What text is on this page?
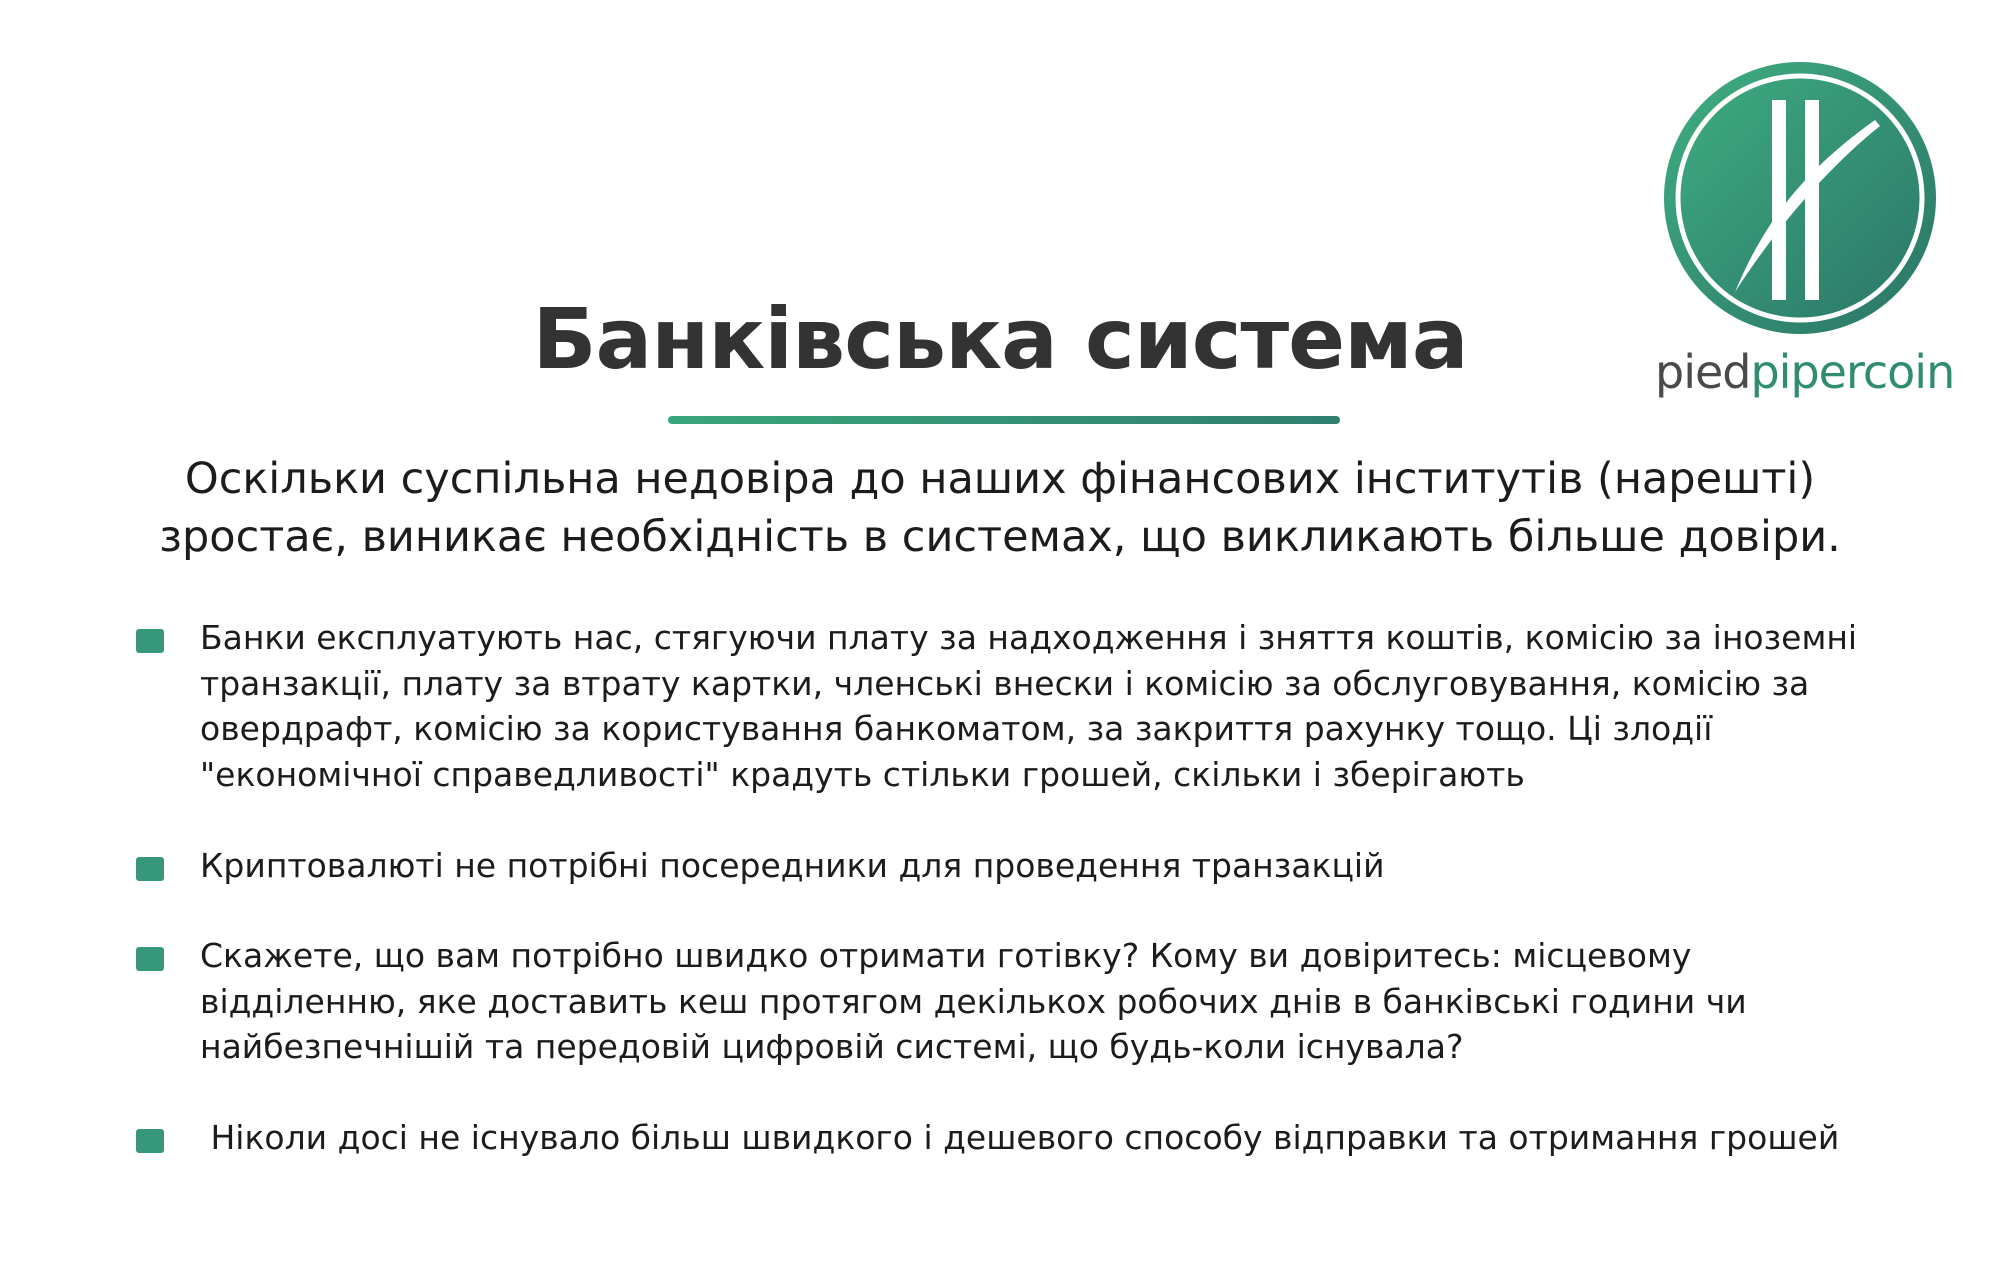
piedpipercoin
Банківська система

Оскільки суспільна недовіра до наших фінансових інститутів (нарешті) зростає, виникає необхідність в системах, що викликають більше довіри.

Банки експлуатують нас, стягуючи плату за надходження і зняття коштів, комісію за іноземні
транзакції, плату за втрату картки, членські внески і комісію за обслуговування, комісію за
овердрафт, комісію за користування банкоматом, за закриття рахунку тощо. Ці злодії
"економічної справедливості" крадуть стільки грошей, скільки і зберігають
Криптовалюті не потрібні посередники для проведення транзакцій
Скажете, що вам потрібно швидко отримати готівку? Кому ви довіритесь: місцевому
відділенню, яке доставить кеш протягом декількох робочих днів в банківські години чи
найбезпечнішій та передовій цифровій системі, що будь-коли існувала?
Ніколи досі не існувало більш швидкого і дешевого способу відправки та отримання грошей
